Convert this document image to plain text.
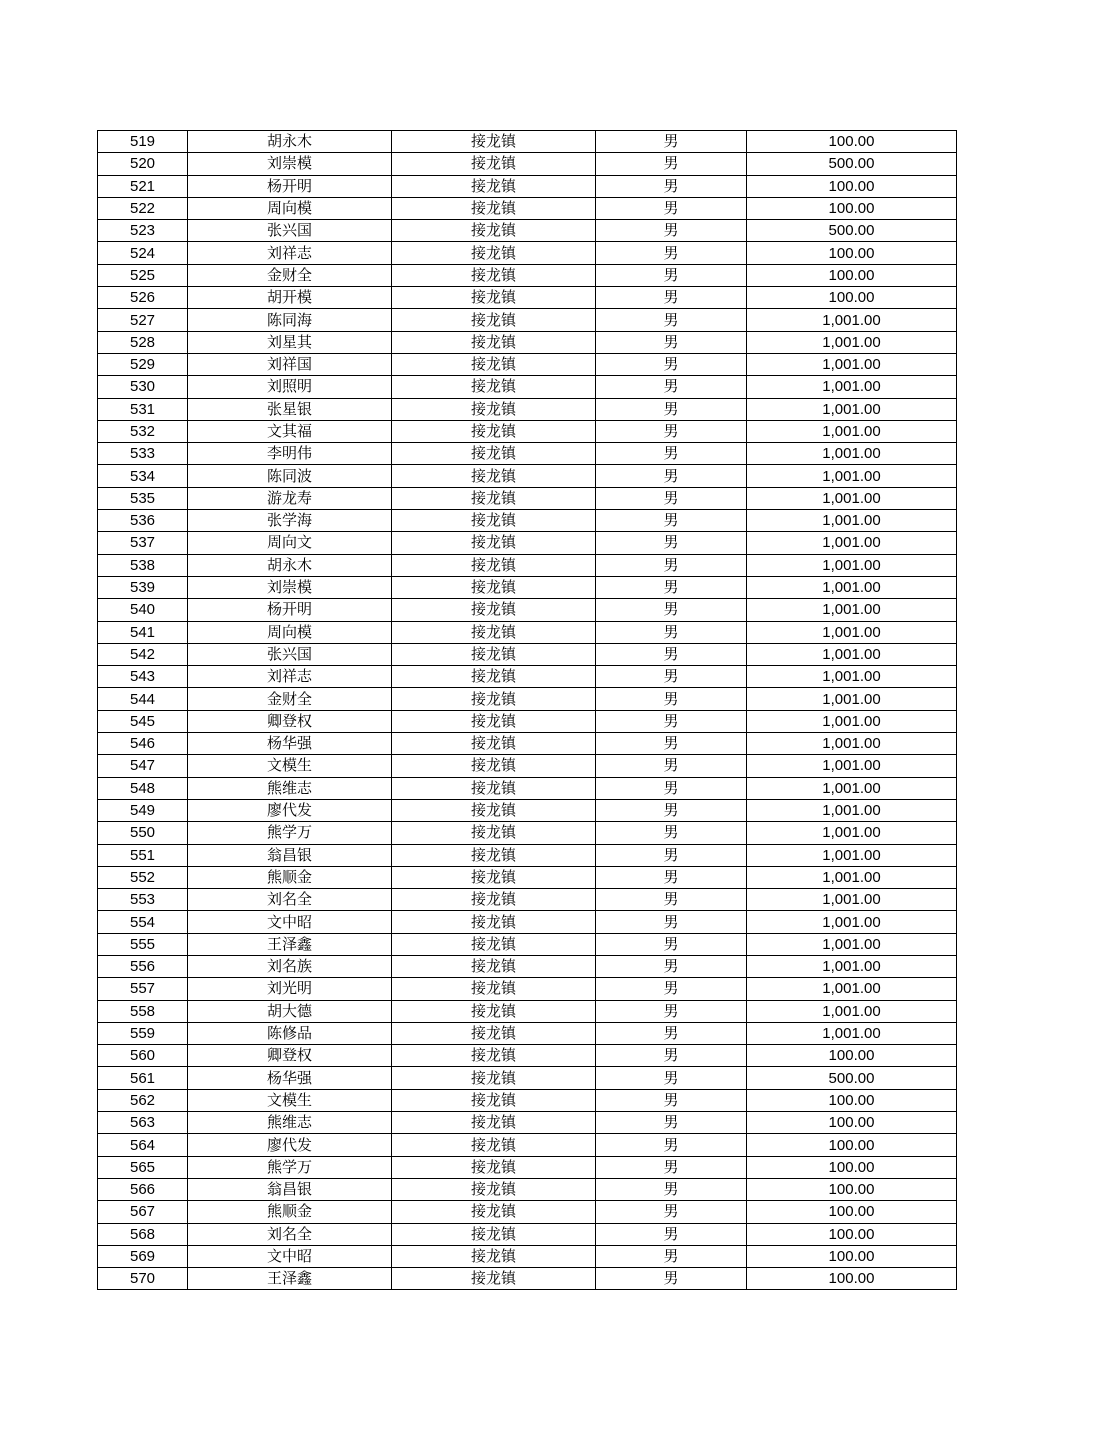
519	胡永木	接龙镇	男	100.00
520	刘崇模	接龙镇	男	500.00
521	杨开明	接龙镇	男	100.00
522	周向模	接龙镇	男	100.00
523	张兴国	接龙镇	男	500.00
524	刘祥志	接龙镇	男	100.00
525	金财全	接龙镇	男	100.00
526	胡开模	接龙镇	男	100.00
527	陈同海	接龙镇	男	1,001.00
528	刘星其	接龙镇	男	1,001.00
529	刘祥国	接龙镇	男	1,001.00
530	刘照明	接龙镇	男	1,001.00
531	张星银	接龙镇	男	1,001.00
532	文其福	接龙镇	男	1,001.00
533	李明伟	接龙镇	男	1,001.00
534	陈同波	接龙镇	男	1,001.00
535	游龙寿	接龙镇	男	1,001.00
536	张学海	接龙镇	男	1,001.00
537	周向文	接龙镇	男	1,001.00
538	胡永木	接龙镇	男	1,001.00
539	刘崇模	接龙镇	男	1,001.00
540	杨开明	接龙镇	男	1,001.00
541	周向模	接龙镇	男	1,001.00
542	张兴国	接龙镇	男	1,001.00
543	刘祥志	接龙镇	男	1,001.00
544	金财全	接龙镇	男	1,001.00
545	卿登权	接龙镇	男	1,001.00
546	杨华强	接龙镇	男	1,001.00
547	文模生	接龙镇	男	1,001.00
548	熊维志	接龙镇	男	1,001.00
549	廖代发	接龙镇	男	1,001.00
550	熊学万	接龙镇	男	1,001.00
551	翁昌银	接龙镇	男	1,001.00
552	熊顺金	接龙镇	男	1,001.00
553	刘名全	接龙镇	男	1,001.00
554	文中昭	接龙镇	男	1,001.00
555	王泽鑫	接龙镇	男	1,001.00
556	刘名族	接龙镇	男	1,001.00
557	刘光明	接龙镇	男	1,001.00
558	胡大德	接龙镇	男	1,001.00
559	陈修品	接龙镇	男	1,001.00
560	卿登权	接龙镇	男	100.00
561	杨华强	接龙镇	男	500.00
562	文模生	接龙镇	男	100.00
563	熊维志	接龙镇	男	100.00
564	廖代发	接龙镇	男	100.00
565	熊学万	接龙镇	男	100.00
566	翁昌银	接龙镇	男	100.00
567	熊顺金	接龙镇	男	100.00
568	刘名全	接龙镇	男	100.00
569	文中昭	接龙镇	男	100.00
570	王泽鑫	接龙镇	男	100.00
